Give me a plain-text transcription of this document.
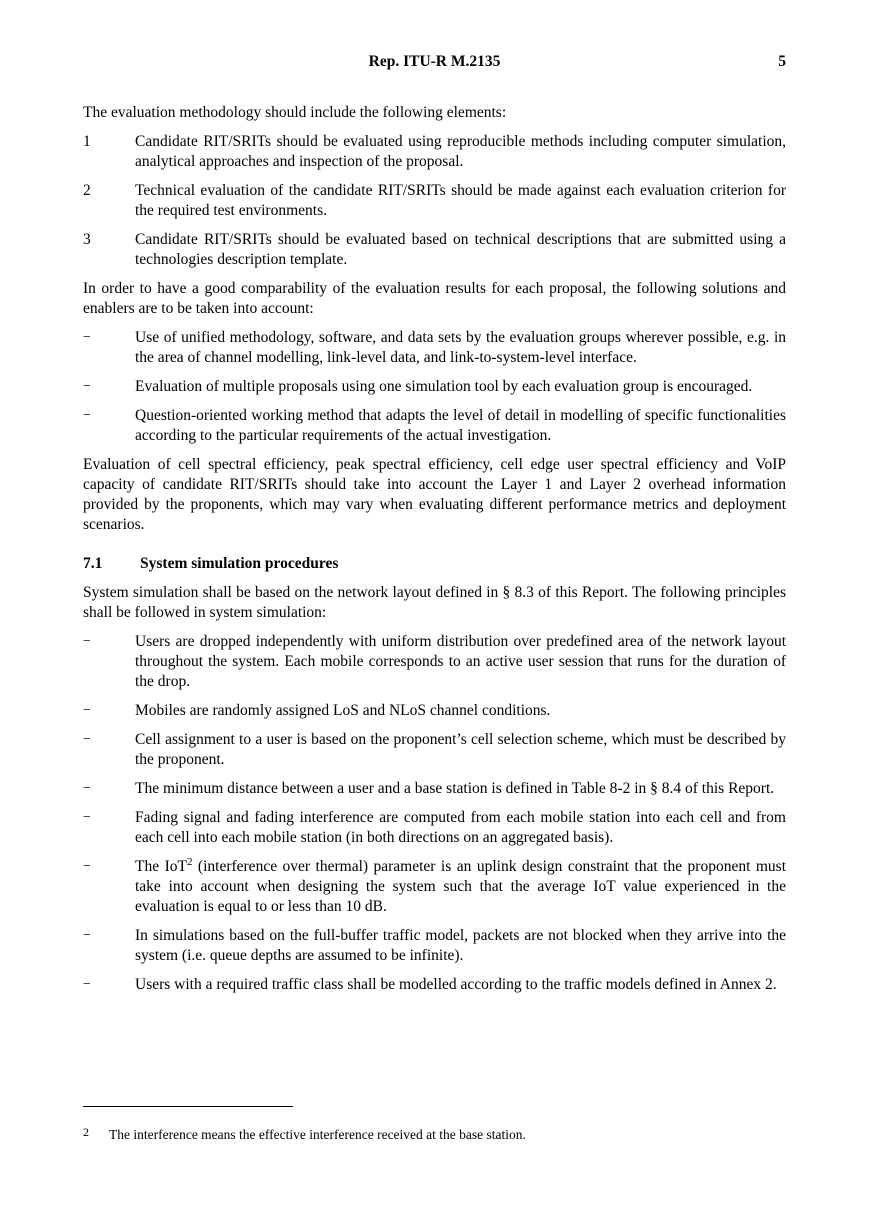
Rep. ITU-R M.2135	5

The evaluation methodology should include the following elements:

1	Candidate RIT/SRITs should be evaluated using reproducible methods including computer simulation, analytical approaches and inspection of the proposal.
2	Technical evaluation of the candidate RIT/SRITs should be made against each evaluation criterion for the required test environments.
3	Candidate RIT/SRITs should be evaluated based on technical descriptions that are submitted using a technologies description template.

In order to have a good comparability of the evaluation results for each proposal, the following solutions and enablers are to be taken into account:

−	Use of unified methodology, software, and data sets by the evaluation groups wherever possible, e.g. in the area of channel modelling, link-level data, and link-to-system-level interface.
−	Evaluation of multiple proposals using one simulation tool by each evaluation group is encouraged.
−	Question-oriented working method that adapts the level of detail in modelling of specific functionalities according to the particular requirements of the actual investigation.

Evaluation of cell spectral efficiency, peak spectral efficiency, cell edge user spectral efficiency and VoIP capacity of candidate RIT/SRITs should take into account the Layer 1 and Layer 2 overhead information provided by the proponents, which may vary when evaluating different performance metrics and deployment scenarios.

7.1	System simulation procedures

System simulation shall be based on the network layout defined in § 8.3 of this Report. The following principles shall be followed in system simulation:

−	Users are dropped independently with uniform distribution over predefined area of the network layout throughout the system. Each mobile corresponds to an active user session that runs for the duration of the drop.
−	Mobiles are randomly assigned LoS and NLoS channel conditions.
−	Cell assignment to a user is based on the proponent’s cell selection scheme, which must be described by the proponent.
−	The minimum distance between a user and a base station is defined in Table 8-2 in § 8.4 of this Report.
−	Fading signal and fading interference are computed from each mobile station into each cell and from each cell into each mobile station (in both directions on an aggregated basis).
−	The IoT$^2$ (interference over thermal) parameter is an uplink design constraint that the proponent must take into account when designing the system such that the average IoT value experienced in the evaluation is equal to or less than 10 dB.
−	In simulations based on the full-buffer traffic model, packets are not blocked when they arrive into the system (i.e. queue depths are assumed to be infinite).
−	Users with a required traffic class shall be modelled according to the traffic models defined in Annex 2.
2	The interference means the effective interference received at the base station.
